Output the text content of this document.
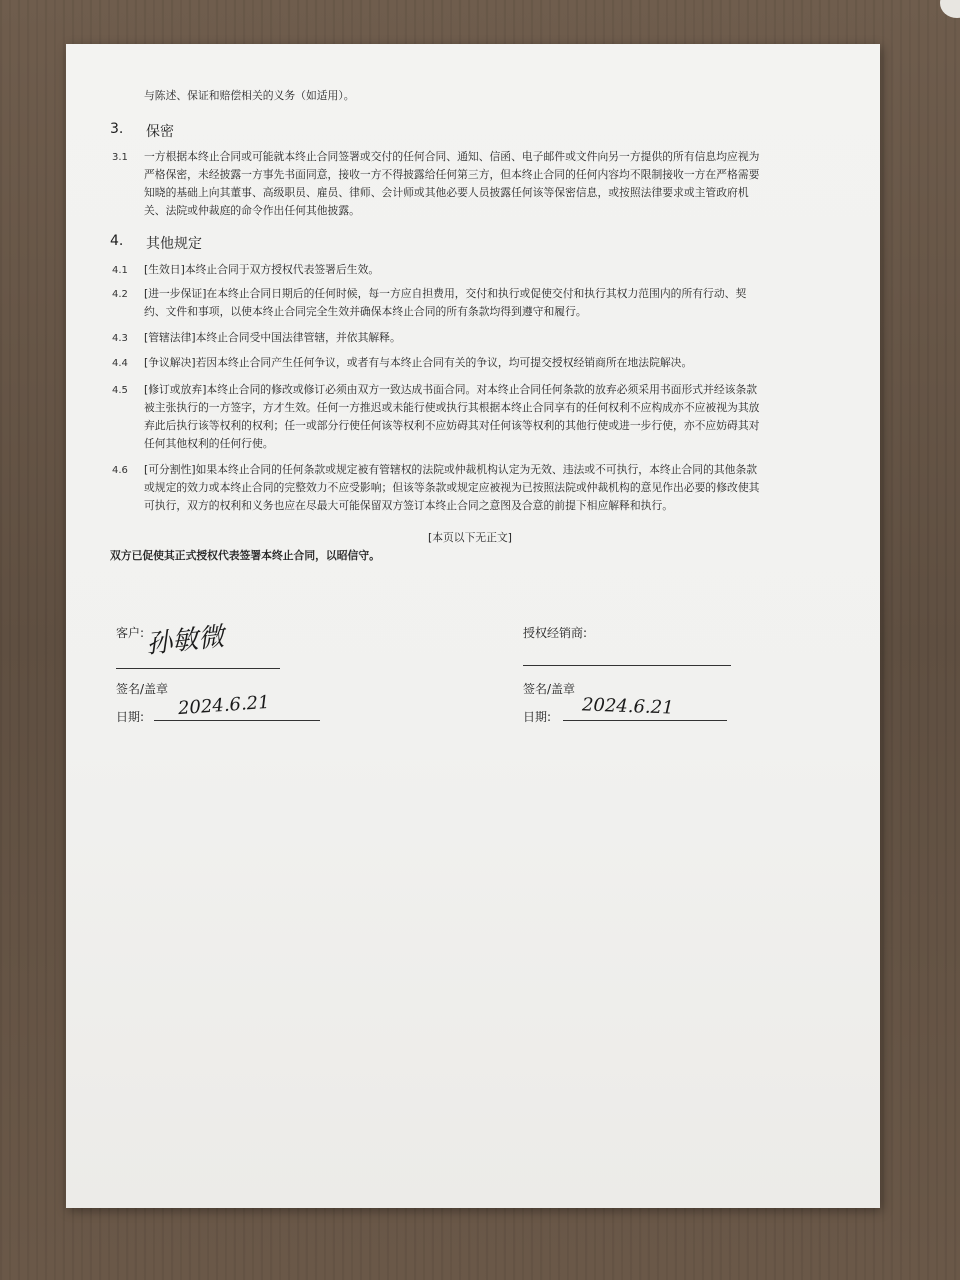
与陈述、保证和赔偿相关的义务（如适用）。
3. 保密
3.1 一方根据本终止合同或可能就本终止合同签署或交付的任何合同、通知、信函、电子邮件或文件向另一方提供的所有信息均应视为
严格保密，未经披露一方事先书面同意，接收一方不得披露给任何第三方，但本终止合同的任何内容均不限制接收一方在严格需要
知晓的基础上向其董事、高级职员、雇员、律师、会计师或其他必要人员披露任何该等保密信息，或按照法律要求或主管政府机
关、法院或仲裁庭的命令作出任何其他披露。
4. 其他规定
4.1 [生效日]本终止合同于双方授权代表签署后生效。
4.2 [进一步保证]在本终止合同日期后的任何时候，每一方应自担费用，交付和执行或促使交付和执行其权力范围内的所有行动、契
约、文件和事项，以使本终止合同完全生效并确保本终止合同的所有条款均得到遵守和履行。
4.3 [管辖法律]本终止合同受中国法律管辖，并依其解释。
4.4 [争议解决]若因本终止合同产生任何争议，或者有与本终止合同有关的争议，均可提交授权经销商所在地法院解决。
4.5 [修订或放弃]本终止合同的修改或修订必须由双方一致达成书面合同。对本终止合同任何条款的放弃必须采用书面形式并经该条款
被主张执行的一方签字，方才生效。任何一方推迟或未能行使或执行其根据本终止合同享有的任何权利不应构成亦不应被视为其放
弃此后执行该等权利的权利；任一或部分行使任何该等权利不应妨碍其对任何该等权利的其他行使或进一步行使，亦不应妨碍其对
任何其他权利的任何行使。
4.6 [可分割性]如果本终止合同的任何条款或规定被有管辖权的法院或仲裁机构认定为无效、违法或不可执行，本终止合同的其他条款
或规定的效力或本终止合同的完整效力不应受影响；但该等条款或规定应被视为已按照法院或仲裁机构的意见作出必要的修改使其
可执行，双方的权利和义务也应在尽最大可能保留双方签订本终止合同之意图及合意的前提下相应解释和执行。
[本页以下无正文]
双方已促使其正式授权代表签署本终止合同，以昭信守。
客户: 孙敏微
签名/盖章
日期: 2024.6.21
授权经销商:
签名/盖章
日期: 2024.6.21
